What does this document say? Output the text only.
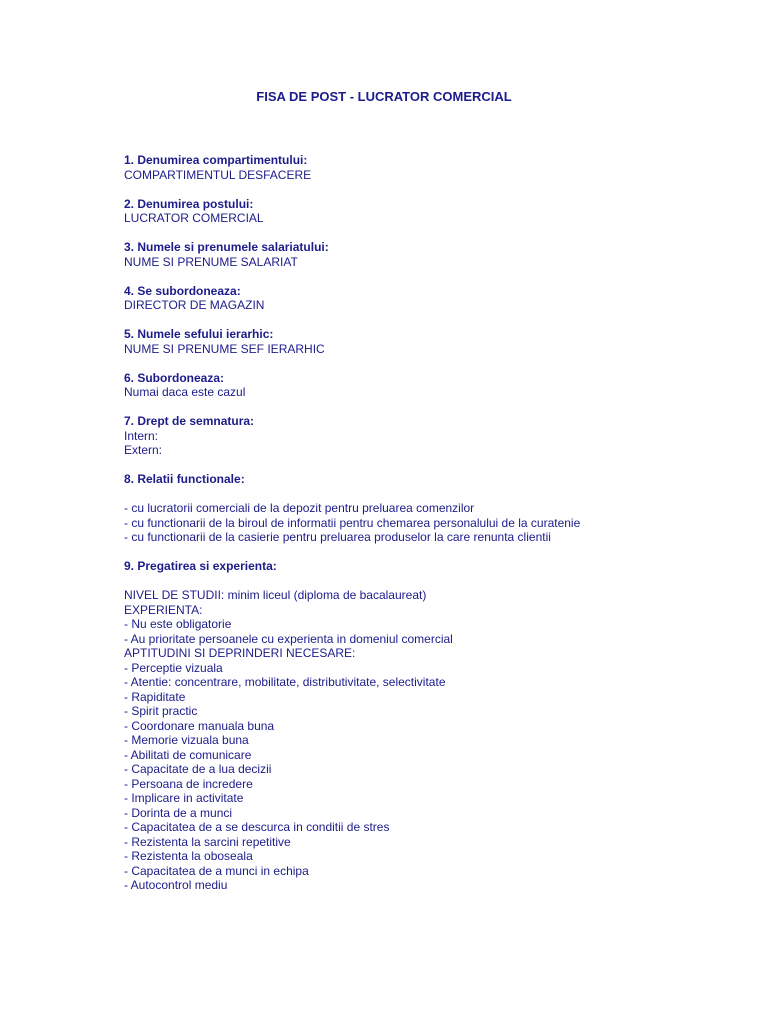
FISA DE POST - LUCRATOR COMERCIAL
1. Denumirea compartimentului:
COMPARTIMENTUL DESFACERE
2. Denumirea postului:
LUCRATOR COMERCIAL
3. Numele si prenumele salariatului:
NUME SI PRENUME SALARIAT
4. Se subordoneaza:
DIRECTOR DE MAGAZIN
5. Numele sefului ierarhic:
NUME SI PRENUME SEF IERARHIC
6. Subordoneaza:
Numai daca este cazul
7. Drept de semnatura:
Intern:
Extern:
8. Relatii functionale:
- cu lucratorii comerciali de la depozit pentru preluarea comenzilor
- cu functionarii de la biroul de informatii pentru chemarea personalului de la curatenie
- cu functionarii de la casierie pentru preluarea produselor la care renunta clientii
9. Pregatirea si experienta:
NIVEL DE STUDII: minim liceul (diploma de bacalaureat)
EXPERIENTA:
- Nu este obligatorie
- Au prioritate persoanele cu experienta in domeniul comercial
APTITUDINI SI DEPRINDERI NECESARE:
- Perceptie vizuala
- Atentie: concentrare, mobilitate, distributivitate, selectivitate
- Rapiditate
- Spirit practic
- Coordonare manuala buna
- Memorie vizuala buna
- Abilitati de comunicare
- Capacitate de a lua decizii
- Persoana de incredere
- Implicare in activitate
- Dorinta de a munci
- Capacitatea de a se descurca in conditii de stres
- Rezistenta la sarcini repetitive
- Rezistenta la oboseala
- Capacitatea de a munci in echipa
- Autocontrol mediu
